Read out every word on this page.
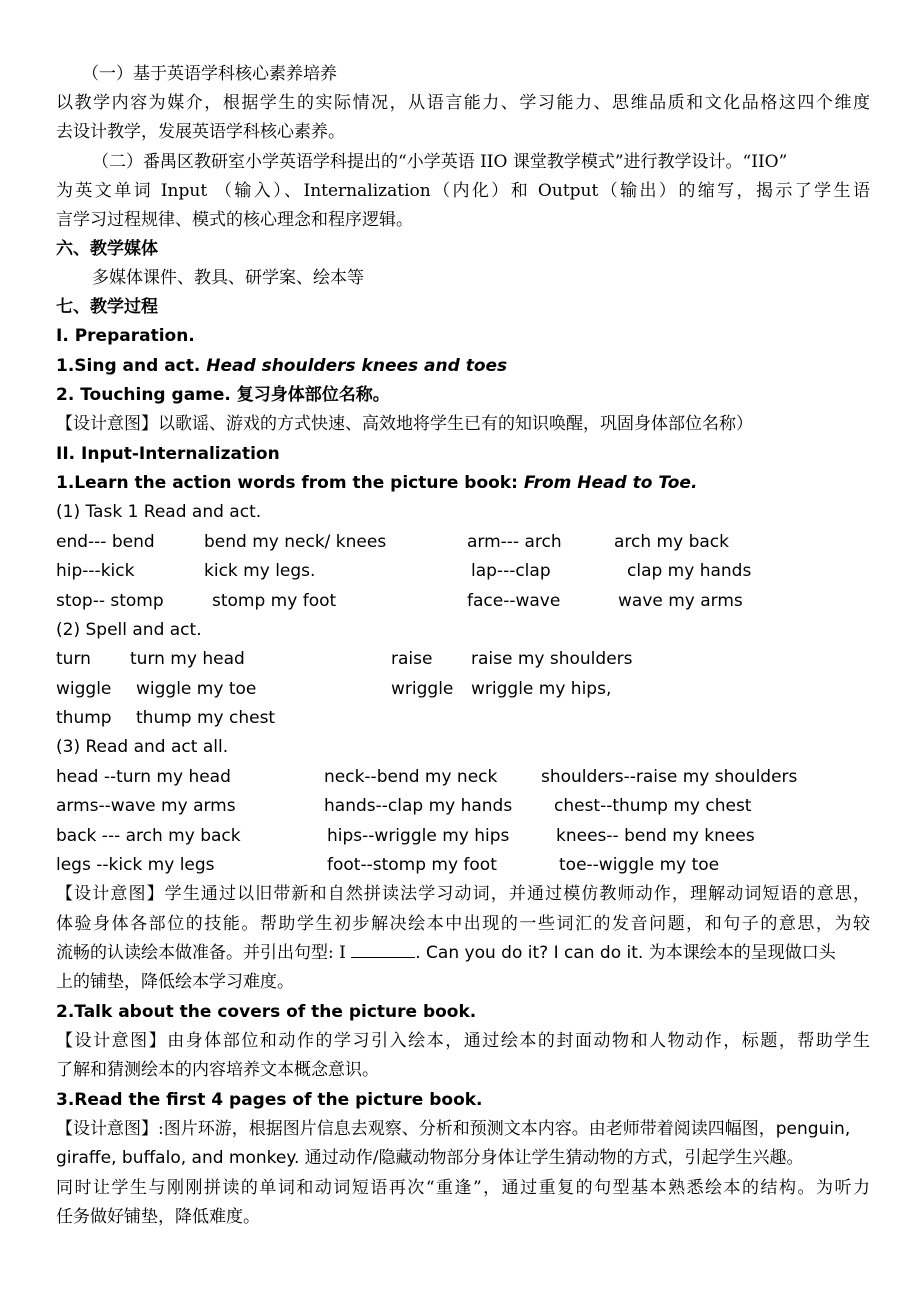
（一）基于英语学科核心素养培养
以教学内容为媒介，根据学生的实际情况，从语言能力、学习能力、思维品质和文化品格这四个维度
去设计教学，发展英语学科核心素养。
（二）番禺区教研室小学英语学科提出的“小学英语 IIO 课堂教学模式”进行教学设计。“IIO”
为英文单词 Input （输入）、Internalization（内化）和 Output（输出）的缩写，揭示了学生语
言学习过程规律、模式的核心理念和程序逻辑。
六、教学媒体
多媒体课件、教具、研学案、绘本等
七、教学过程
I. Preparation.
1.Sing and act. Head shoulders knees and toes
2. Touching game. 复习身体部位名称。
【设计意图】以歌谣、游戏的方式快速、高效地将学生已有的知识唤醒，巩固身体部位名称）
II. Input-Internalization
1.Learn the action words from the picture book: From Head to Toe.
(1) Task 1 Read and act.
end--- bend	bend my neck/ knees	arm--- arch	arch my back
hip---kick	kick my legs.	lap---clap	clap my hands
stop-- stomp	stomp my foot	face--wave	wave my arms
(2) Spell and act.
turn turn my head	raise raise my shoulders
wiggle wiggle my toe	wriggle wriggle my hips,
thump thump my chest
(3) Read and act all.
head --turn my head	neck--bend my neck	shoulders--raise my shoulders
arms--wave my arms	hands--clap my hands chest--thump my chest
back --- arch my back	hips--wriggle my hips	knees-- bend my knees
legs --kick my legs	foot--stomp my foot	toe--wiggle my toe
【设计意图】学生通过以旧带新和自然拼读法学习动词，并通过模仿教师动作，理解动词短语的意思，
体验身体各部位的技能。帮助学生初步解决绘本中出现的一些词汇的发音问题，和句子的意思，为较
流畅的认读绘本做准备。并引出句型: I	. Can you do it? I can do it. 为本课绘本的呈现做口头
上的铺垫，降低绘本学习难度。
2.Talk about the covers of the picture book.
【设计意图】由身体部位和动作的学习引入绘本，通过绘本的封面动物和人物动作，标题，帮助学生
了解和猜测绘本的内容培养文本概念意识。
3.Read the first 4 pages of the picture book.
【设计意图】:图片环游，根据图片信息去观察、分析和预测文本内容。由老师带着阅读四幅图，penguin,
giraffe, buffalo, and monkey. 通过动作/隐藏动物部分身体让学生猜动物的方式，引起学生兴趣。
同时让学生与刚刚拼读的单词和动词短语再次“重逢”，通过重复的句型基本熟悉绘本的结构。为听力
任务做好铺垫，降低难度。
